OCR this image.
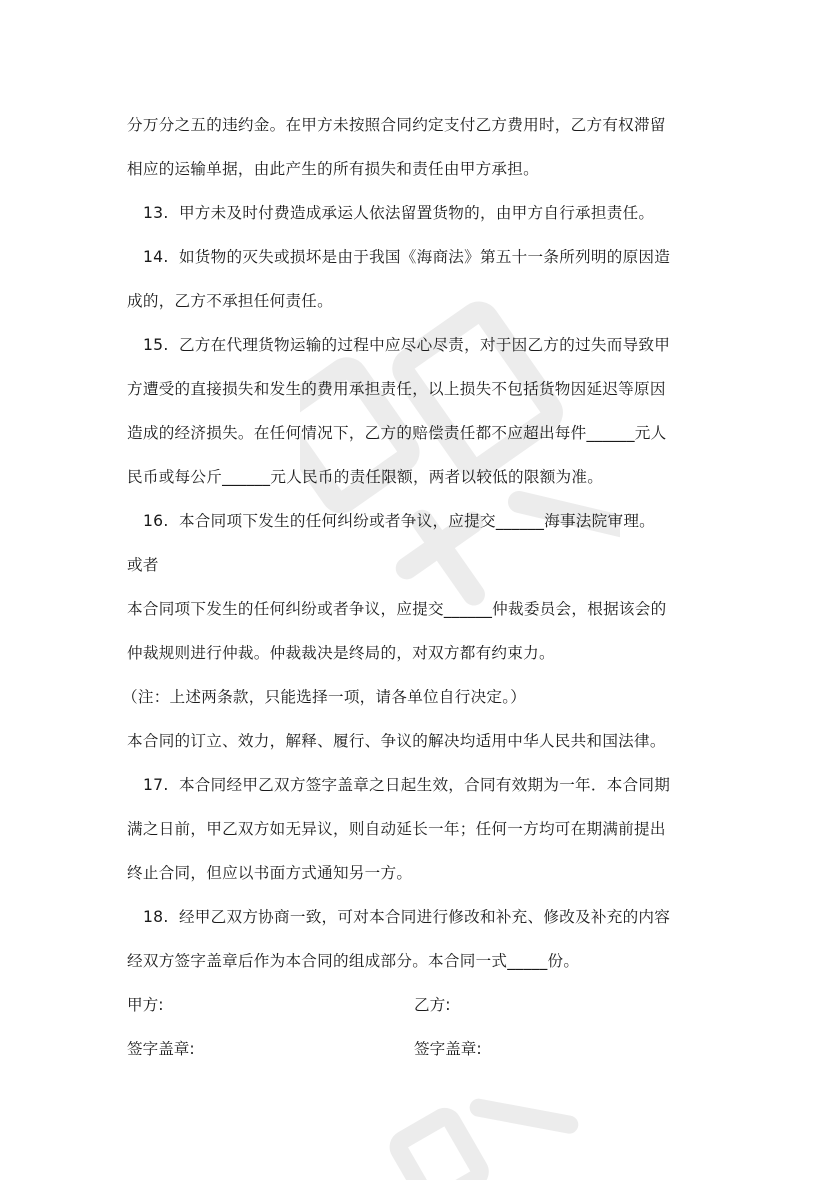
分万分之五的违约金。在甲方未按照合同约定支付乙方费用时，乙方有权滞留

相应的运输单据，由此产生的所有损失和责任由甲方承担。

13.  甲方未及时付费造成承运人依法留置货物的，由甲方自行承担责任。

14.  如货物的灭失或损坏是由于我国《海商法》第五十一条所列明的原因造

成的，乙方不承担任何责任。

15.  乙方在代理货物运输的过程中应尽心尽责，对于因乙方的过失而导致甲

方遭受的直接损失和发生的费用承担责任，以上损失不包括货物因延迟等原因

造成的经济损失。在任何情况下，乙方的赔偿责任都不应超出每件______元人

民币或每公斤______元人民币的责任限额，两者以较低的限额为准。

16.  本合同项下发生的任何纠纷或者争议，应提交______海事法院审理。

或者

本合同项下发生的任何纠纷或者争议，应提交______仲裁委员会，根据该会的

仲裁规则进行仲裁。仲裁裁决是终局的，对双方都有约束力。

（注：上述两条款，只能选择一项，请各单位自行决定。）

本合同的订立、效力，解释、履行、争议的解决均适用中华人民共和国法律。

17.  本合同经甲乙双方签字盖章之日起生效，合同有效期为一年．本合同期

满之日前，甲乙双方如无异议，则自动延长一年；任何一方均可在期满前提出

终止合同，但应以书面方式通知另一方。

18.  经甲乙双方协商一致，可对本合同进行修改和补充、修改及补充的内容

经双方签字盖章后作为本合同的组成部分。本合同一式_____份。

甲方:	乙方:

签字盖章:	签字盖章:
